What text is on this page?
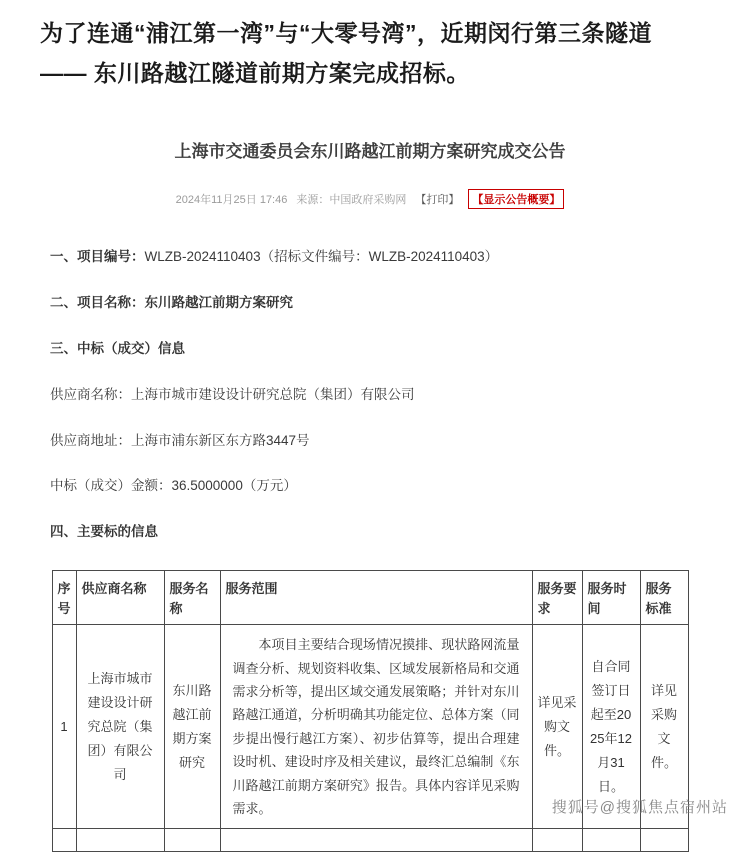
为了连通“浦江第一湾”与“大零号湾”，近期闵行第三条隧道 —— 东川路越江隧道前期方案完成招标。

上海市交通委员会东川路越江前期方案研究成交公告
2024年11月25日 17:46 来源：中国政府采购网 【打印】	【显示公告概要】

一、项目编号：WLZB-2024110403（招标文件编号：WLZB-2024110403）

二、项目名称：东川路越江前期方案研究

三、中标（成交）信息

供应商名称：上海市城市建设设计研究总院（集团）有限公司

供应商地址：上海市浦东新区东方路3447号

中标（成交）金额：36.5000000（万元）

四、主要标的信息

序号	供应商名称	服务名称	服务范围	服务要求	服务时间	服务标准
1	上海市城市建设设计研究总院（集团）有限公司	东川路越江前期方案研究	本项目主要结合现场情况摸排、现状路网流量调查分析、规划资料收集、区域发展新格局和交通需求分析等，提出区域交通发展策略；并针对东川路越江通道，分析明确其功能定位、总体方案（同步提出慢行越江方案）、初步估算等，提出合理建设时机、建设时序及相关建议，最终汇总编制《东川路越江前期方案研究》报告。具体内容详见采购需求。	详见采购文件。	自合同签订日起至2025年12月31日。	详见采购文件。

搜狐号@搜狐焦点宿州站
